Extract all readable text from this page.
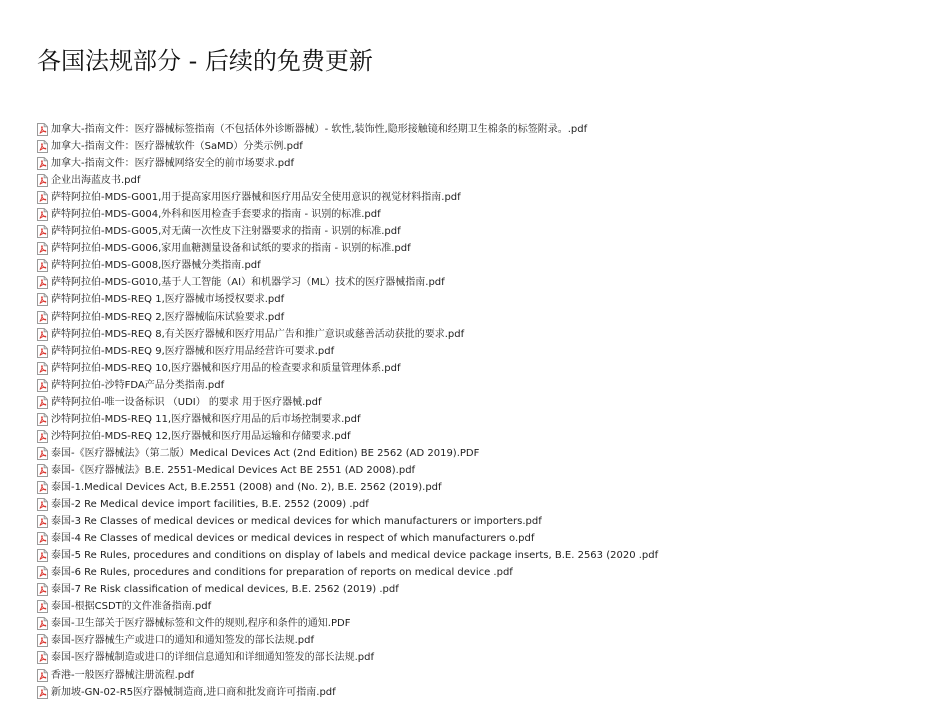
各国法规部分 - 后续的免费更新
加拿大-指南文件：医疗器械标签指南（不包括体外诊断器械）- 软性,装饰性,隐形接触镜和经期卫生棉条的标签附录。.pdf
加拿大-指南文件：医疗器械软件（SaMD）分类示例.pdf
加拿大-指南文件：医疗器械网络安全的前市场要求.pdf
企业出海蓝皮书.pdf
萨特阿拉伯-MDS-G001,用于提高家用医疗器械和医疗用品安全使用意识的视觉材料指南.pdf
萨特阿拉伯-MDS-G004,外科和医用检查手套要求的指南 - 识别的标准.pdf
萨特阿拉伯-MDS-G005,对无菌一次性皮下注射器要求的指南 - 识别的标准.pdf
萨特阿拉伯-MDS-G006,家用血糖测量设备和试纸的要求的指南 - 识别的标准.pdf
萨特阿拉伯-MDS-G008,医疗器械分类指南.pdf
萨特阿拉伯-MDS-G010,基于人工智能（AI）和机器学习（ML）技术的医疗器械指南.pdf
萨特阿拉伯-MDS-REQ 1,医疗器械市场授权要求.pdf
萨特阿拉伯-MDS-REQ 2,医疗器械临床试验要求.pdf
萨特阿拉伯-MDS-REQ 8,有关医疗器械和医疗用品广告和推广意识或慈善活动获批的要求.pdf
萨特阿拉伯-MDS-REQ 9,医疗器械和医疗用品经营许可要求.pdf
萨特阿拉伯-MDS-REQ 10,医疗器械和医疗用品的检查要求和质量管理体系.pdf
萨特阿拉伯-沙特FDA产品分类指南.pdf
萨特阿拉伯-唯一设备标识 （UDI） 的要求 用于医疗器械.pdf
沙特阿拉伯-MDS-REQ 11,医疗器械和医疗用品的后市场控制要求.pdf
沙特阿拉伯-MDS-REQ 12,医疗器械和医疗用品运输和存储要求.pdf
泰国-《医疗器械法》（第二版）Medical Devices Act (2nd Edition) BE 2562 (AD 2019).PDF
泰国-《医疗器械法》B.E. 2551-Medical Devices Act BE 2551 (AD 2008).pdf
泰国-1.Medical Devices Act, B.E.2551 (2008) and (No. 2), B.E. 2562 (2019).pdf
泰国-2 Re Medical device import facilities, B.E. 2552 (2009) .pdf
泰国-3 Re Classes of medical devices or medical devices for which manufacturers or importers.pdf
泰国-4 Re Classes of medical devices or medical devices in respect of which manufacturers o.pdf
泰国-5 Re Rules, procedures and conditions on display of labels and medical device package inserts, B.E. 2563 (2020 .pdf
泰国-6 Re Rules, procedures and conditions for preparation of reports on medical device .pdf
泰国-7 Re Risk classification of medical devices, B.E. 2562 (2019) .pdf
泰国-根据CSDT的文件准备指南.pdf
泰国-卫生部关于医疗器械标签和文件的规则,程序和条件的通知.PDF
泰国-医疗器械生产或进口的通知和通知签发的部长法规.pdf
泰国-医疗器械制造或进口的详细信息通知和详细通知签发的部长法规.pdf
香港-一般医疗器械注册流程.pdf
新加坡-GN-02-R5医疗器械制造商,进口商和批发商许可指南.pdf
